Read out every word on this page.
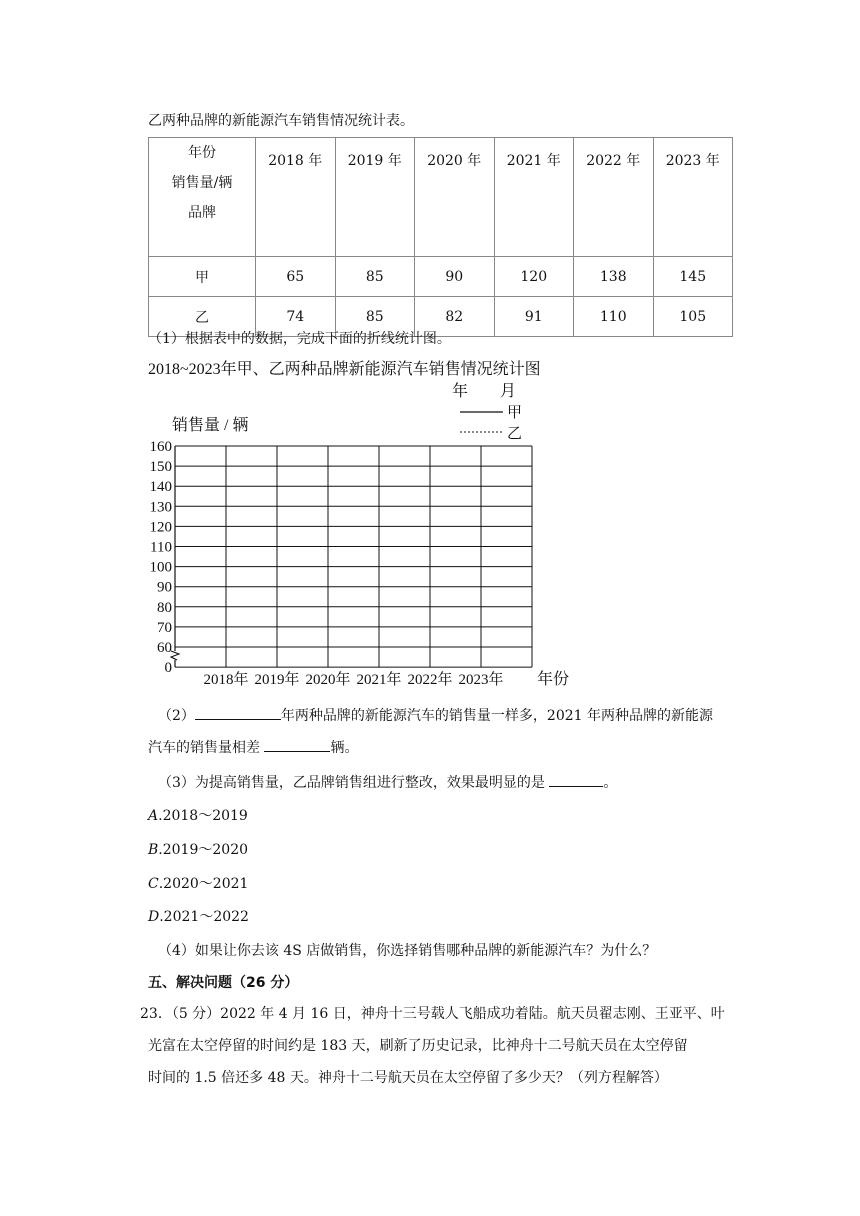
乙两种品牌的新能源汽车销售情况统计表。
年份
销售量/辆
品牌	2018 年	2019 年	2020 年	2021 年	2022 年	2023 年
甲	65	85	90	120	138	145
乙	74	85	82	91	110	105
（1）根据表中的数据，完成下面的折线统计图。
2018~2023年甲、乙两种品牌新能源汽车销售情况统计图
年　　月
甲
乙
销售量 / 辆
160
150
140
130
120
110
100
90
80
70
60
0
2018年 2019年 2020年 2021年 2022年 2023年 年份
（2）	年两种品牌的新能源汽车的销售量一样多，2021 年两种品牌的新能源
汽车的销售量相差	辆。
（3）为提高销售量，乙品牌销售组进行整改，效果最明显的是	。
A.2018～2019
B.2019～2020
C.2020～2021
D.2021～2022
（4）如果让你去该 4S 店做销售，你选择销售哪种品牌的新能源汽车？为什么？
五、解决问题（26 分）
23．（5 分）2022 年 4 月 16 日，神舟十三号载人飞船成功着陆。航天员翟志刚、王亚平、叶
光富在太空停留的时间约是 183 天，刷新了历史记录，比神舟十二号航天员在太空停留
时间的 1.5 倍还多 48 天。神舟十二号航天员在太空停留了多少天？（列方程解答）
